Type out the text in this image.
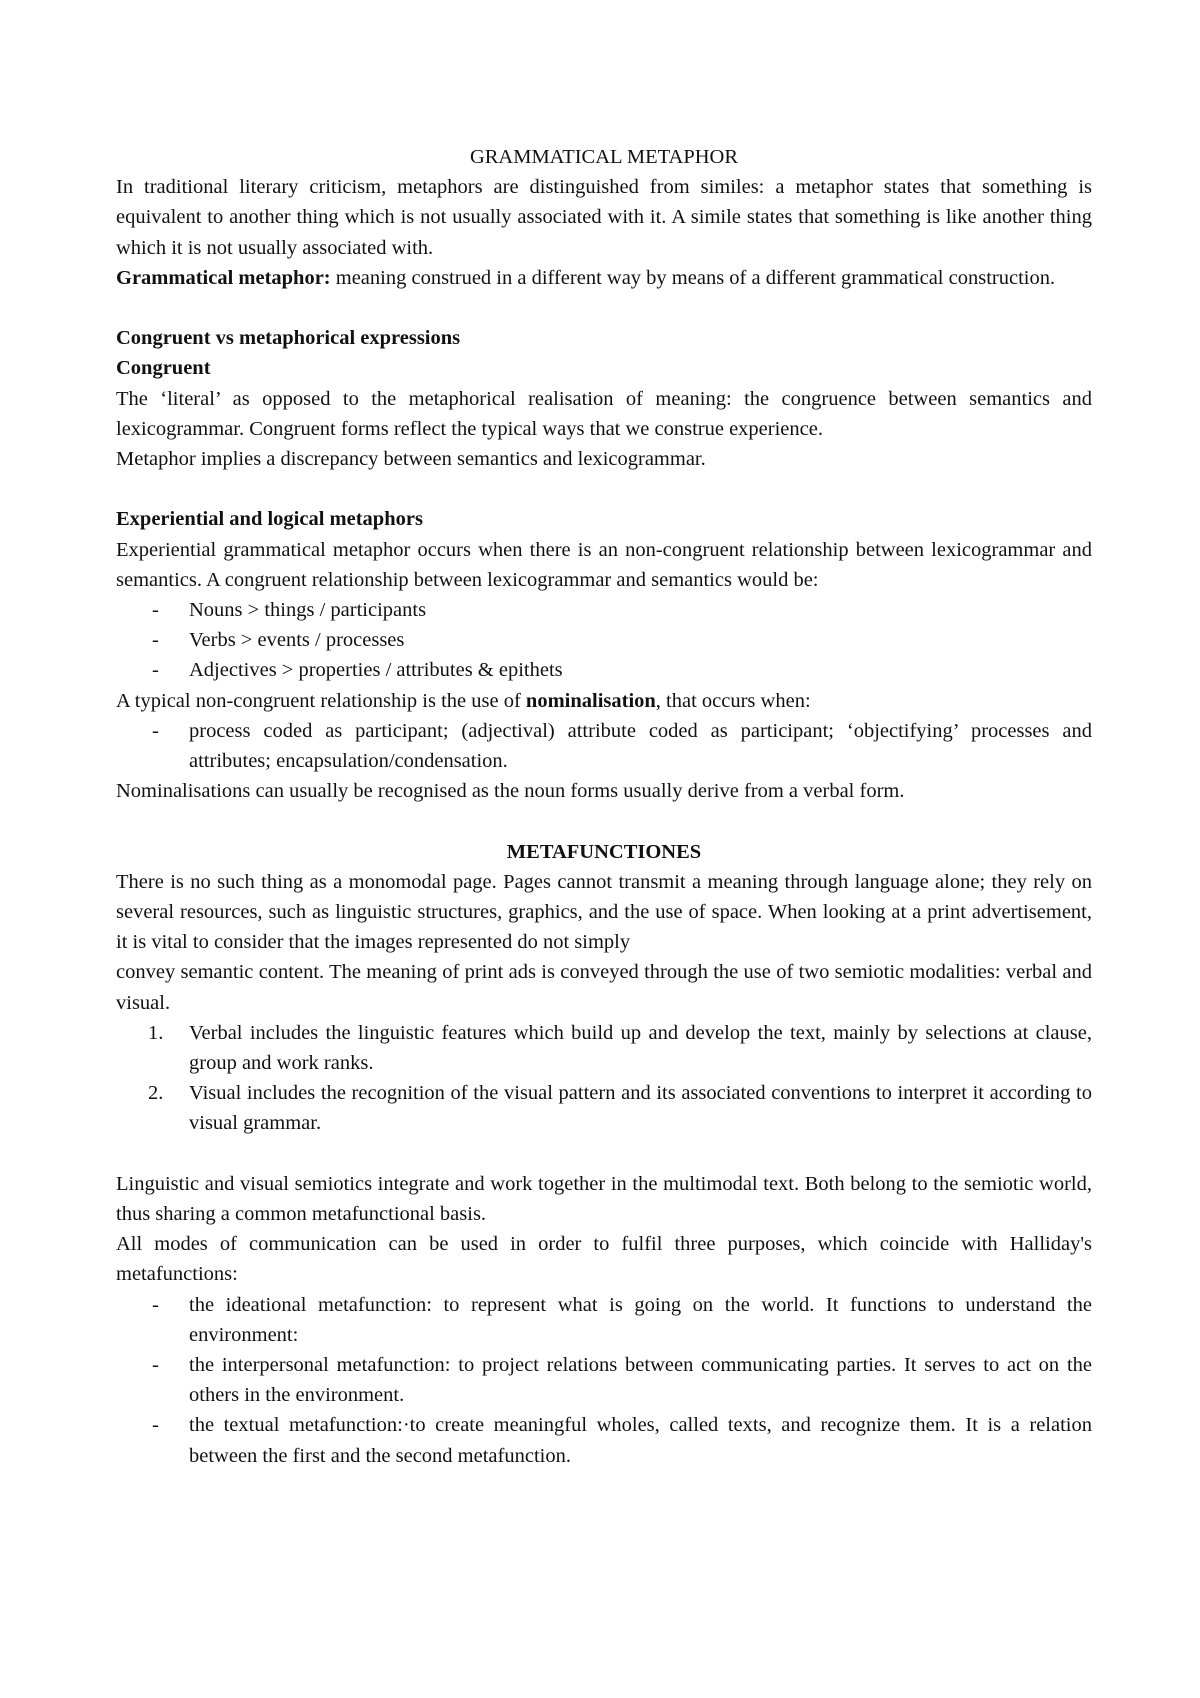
GRAMMATICAL METAPHOR

In traditional literary criticism, metaphors are distinguished from similes: a metaphor states that something is equivalent to another thing which is not usually associated with it. A simile states that something is like another thing which it is not usually associated with.

Grammatical metaphor: meaning construed in a different way by means of a different grammatical construction.

Congruent vs metaphorical expressions

Congruent

The ‘literal’ as opposed to the metaphorical realisation of meaning: the congruence between semantics and lexicogrammar. Congruent forms reflect the typical ways that we construe experience.

Metaphor implies a discrepancy between semantics and lexicogrammar.

Experiential and logical metaphors

Experiential grammatical metaphor occurs when there is an non-congruent relationship between lexicogrammar and semantics. A congruent relationship between lexicogrammar and semantics would be:

- Nouns > things / participants
- Verbs > events / processes
- Adjectives > properties / attributes & epithets

A typical non-congruent relationship is the use of nominalisation, that occurs when:

- process coded as participant; (adjectival) attribute coded as participant; ‘objectifying’ processes and attributes; encapsulation/condensation.

Nominalisations can usually be recognised as the noun forms usually derive from a verbal form.

METAFUNCTIONES

There is no such thing as a monomodal page. Pages cannot transmit a meaning through language alone; they rely on several resources, such as linguistic structures, graphics, and the use of space. When looking at a print advertisement, it is vital to consider that the images represented do not simply

convey semantic content. The meaning of print ads is conveyed through the use of two semiotic modalities: verbal and visual.

1. Verbal includes the linguistic features which build up and develop the text, mainly by selections at clause, group and work ranks.
2. Visual includes the recognition of the visual pattern and its associated conventions to interpret it according to visual grammar.

Linguistic and visual semiotics integrate and work together in the multimodal text. Both belong to the semiotic world, thus sharing a common metafunctional basis.

All modes of communication can be used in order to fulfil three purposes, which coincide with Halliday's metafunctions:

- the ideational metafunction: to represent what is going on the world. It functions to understand the environment:
- the interpersonal metafunction: to project relations between communicating parties. It serves to act on the others in the environment.
- the textual metafunction:·to create meaningful wholes, called texts, and recognize them. It is a relation between the first and the second metafunction.
